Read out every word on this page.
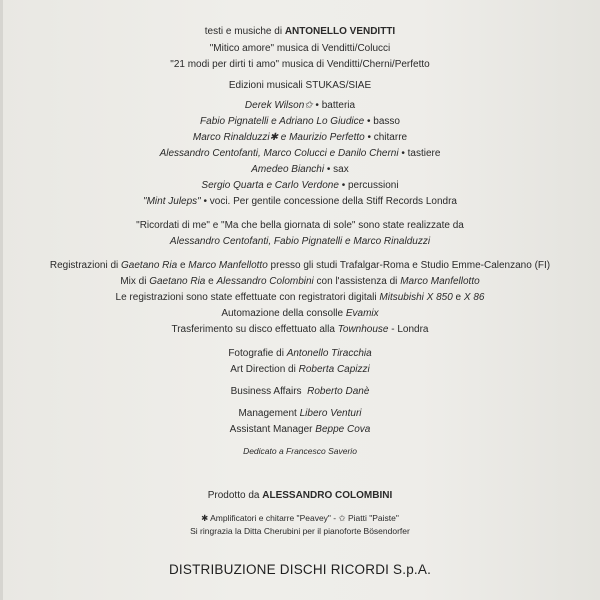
testi e musiche di ANTONELLO VENDITTI
"Mitico amore" musica di Venditti/Colucci
"21 modi per dirti ti amo" musica di Venditti/Cherni/Perfetto
Edizioni musicali STUKAS/SIAE
Derek Wilson✩ • batteria
Fabio Pignatelli e Adriano Lo Giudice • basso
Marco Rinalduzzi✱ e Maurizio Perfetto • chitarre
Alessandro Centofanti, Marco Colucci e Danilo Cherni • tastiere
Amedeo Bianchi • sax
Sergio Quarta e Carlo Verdone • percussioni
"Mint Juleps" • voci. Per gentile concessione della Stiff Records Londra
"Ricordati di me" e "Ma che bella giornata di sole" sono state realizzate da
Alessandro Centofanti, Fabio Pignatelli e Marco Rinalduzzi
Registrazioni di Gaetano Ria e Marco Manfellotto presso gli studi Trafalgar-Roma e Studio Emme-Calenzano (FI)
Mix di Gaetano Ria e Alessandro Colombini con l'assistenza di Marco Manfellotto
Le registrazioni sono state effettuate con registratori digitali Mitsubishi X 850 e X 86
Automazione della consolle Evamix
Trasferimento su disco effettuato alla Townhouse - Londra
Fotografie di Antonello Tiracchia
Art Direction di Roberta Capizzi
Business Affairs  Roberto Danè
Management Libero Venturi
Assistant Manager Beppe Cova
Dedicato a Francesco Saverio
Prodotto da ALESSANDRO COLOMBINI
✱ Amplificatori e chitarre "Peavey" - ✩ Piatti "Paiste"
Si ringrazia la Ditta Cherubini per il pianoforte Bösendorfer
DISTRIBUZIONE DISCHI RICORDI S.p.A.
